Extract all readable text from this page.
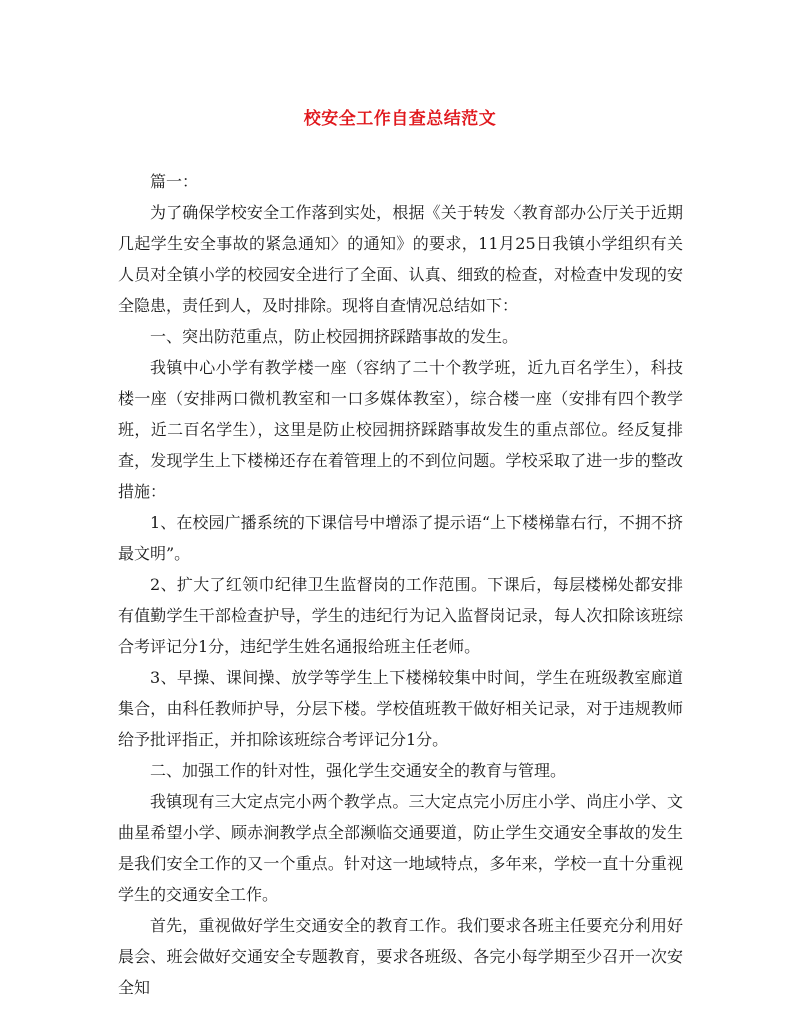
校安全工作自查总结范文

篇一：

为了确保学校安全工作落到实处，根据《关于转发〈教育部办公厅关于近期几起学生安全事故的紧急通知〉的通知》的要求，11月25日我镇小学组织有关人员对全镇小学的校园安全进行了全面、认真、细致的检查，对检查中发现的安全隐患，责任到人，及时排除。现将自查情况总结如下：

一、突出防范重点，防止校园拥挤踩踏事故的发生。

我镇中心小学有教学楼一座（容纳了二十个教学班，近九百名学生），科技楼一座（安排两口微机教室和一口多媒体教室），综合楼一座（安排有四个教学班，近二百名学生），这里是防止校园拥挤踩踏事故发生的重点部位。经反复排查，发现学生上下楼梯还存在着管理上的不到位问题。学校采取了进一步的整改措施：

1、在校园广播系统的下课信号中增添了提示语“上下楼梯靠右行，不拥不挤最文明”。

2、扩大了红领巾纪律卫生监督岗的工作范围。下课后，每层楼梯处都安排有值勤学生干部检查护导，学生的违纪行为记入监督岗记录，每人次扣除该班综合考评记分1分，违纪学生姓名通报给班主任老师。

3、早操、课间操、放学等学生上下楼梯较集中时间，学生在班级教室廊道集合，由科任教师护导，分层下楼。学校值班教干做好相关记录，对于违规教师给予批评指正，并扣除该班综合考评记分1分。

二、加强工作的针对性，强化学生交通安全的教育与管理。

我镇现有三大定点完小两个教学点。三大定点完小厉庄小学、尚庄小学、文曲星希望小学、顾赤涧教学点全部濒临交通要道，防止学生交通安全事故的发生是我们安全工作的又一个重点。针对这一地域特点，多年来，学校一直十分重视学生的交通安全工作。

首先，重视做好学生交通安全的教育工作。我们要求各班主任要充分利用好晨会、班会做好交通安全专题教育，要求各班级、各完小每学期至少召开一次安全知
